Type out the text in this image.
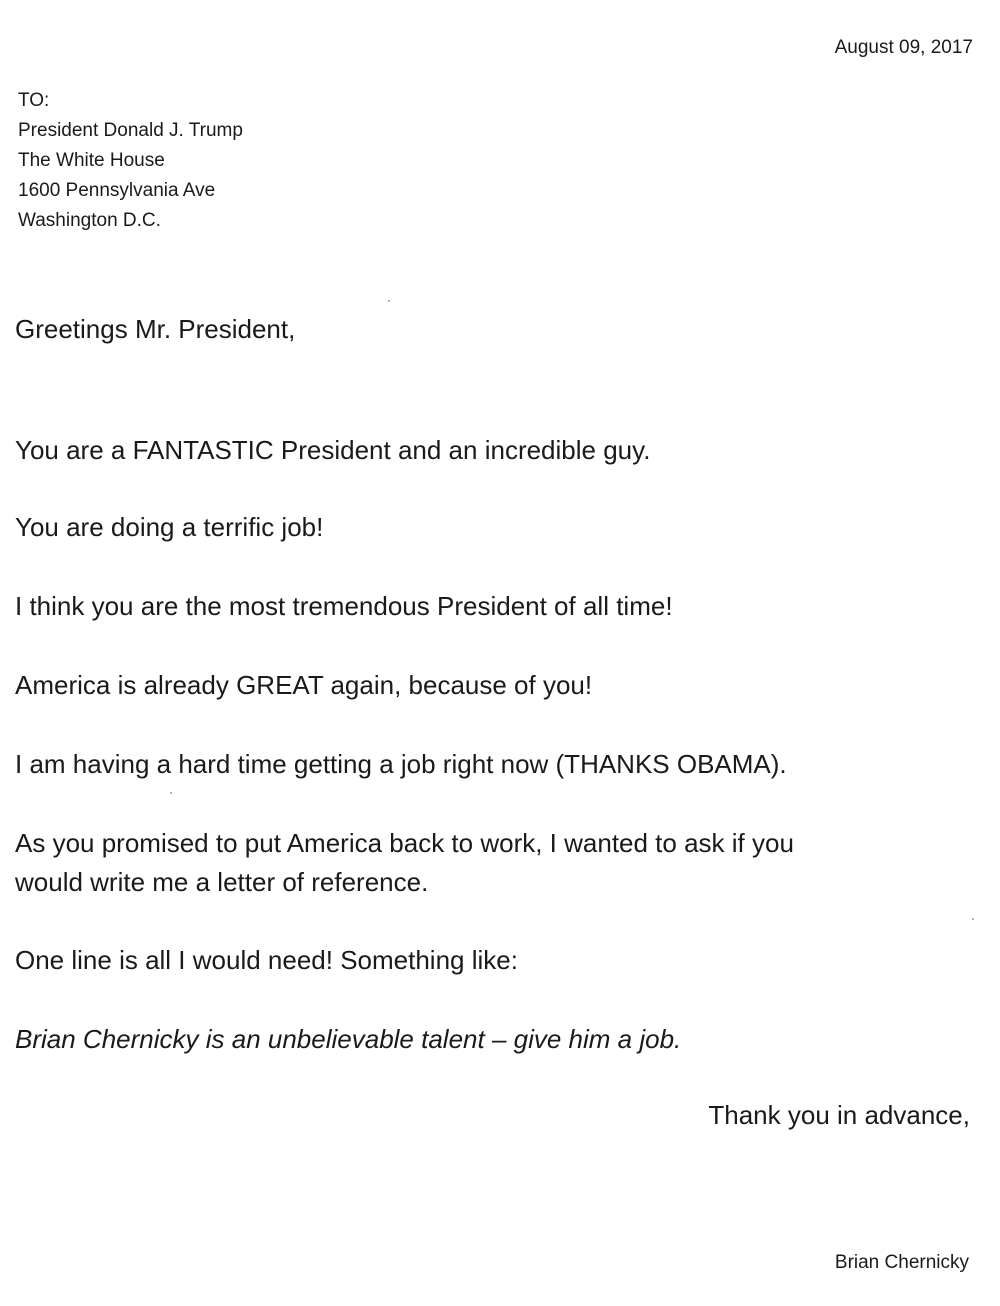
August 09, 2017
TO:
President Donald J. Trump
The White House
1600 Pennsylvania Ave
Washington D.C.
Greetings Mr. President,
You are a FANTASTIC President and an incredible guy.
You are doing a terrific job!
I think you are the most tremendous President of all time!
America is already GREAT again, because of you!
I am having a hard time getting a job right now (THANKS OBAMA).
As you promised to put America back to work, I wanted to ask if you
would write me a letter of reference.
One line is all I would need! Something like:
Brian Chernicky is an unbelievable talent – give him a job.
Thank you in advance,
Brian Chernicky
